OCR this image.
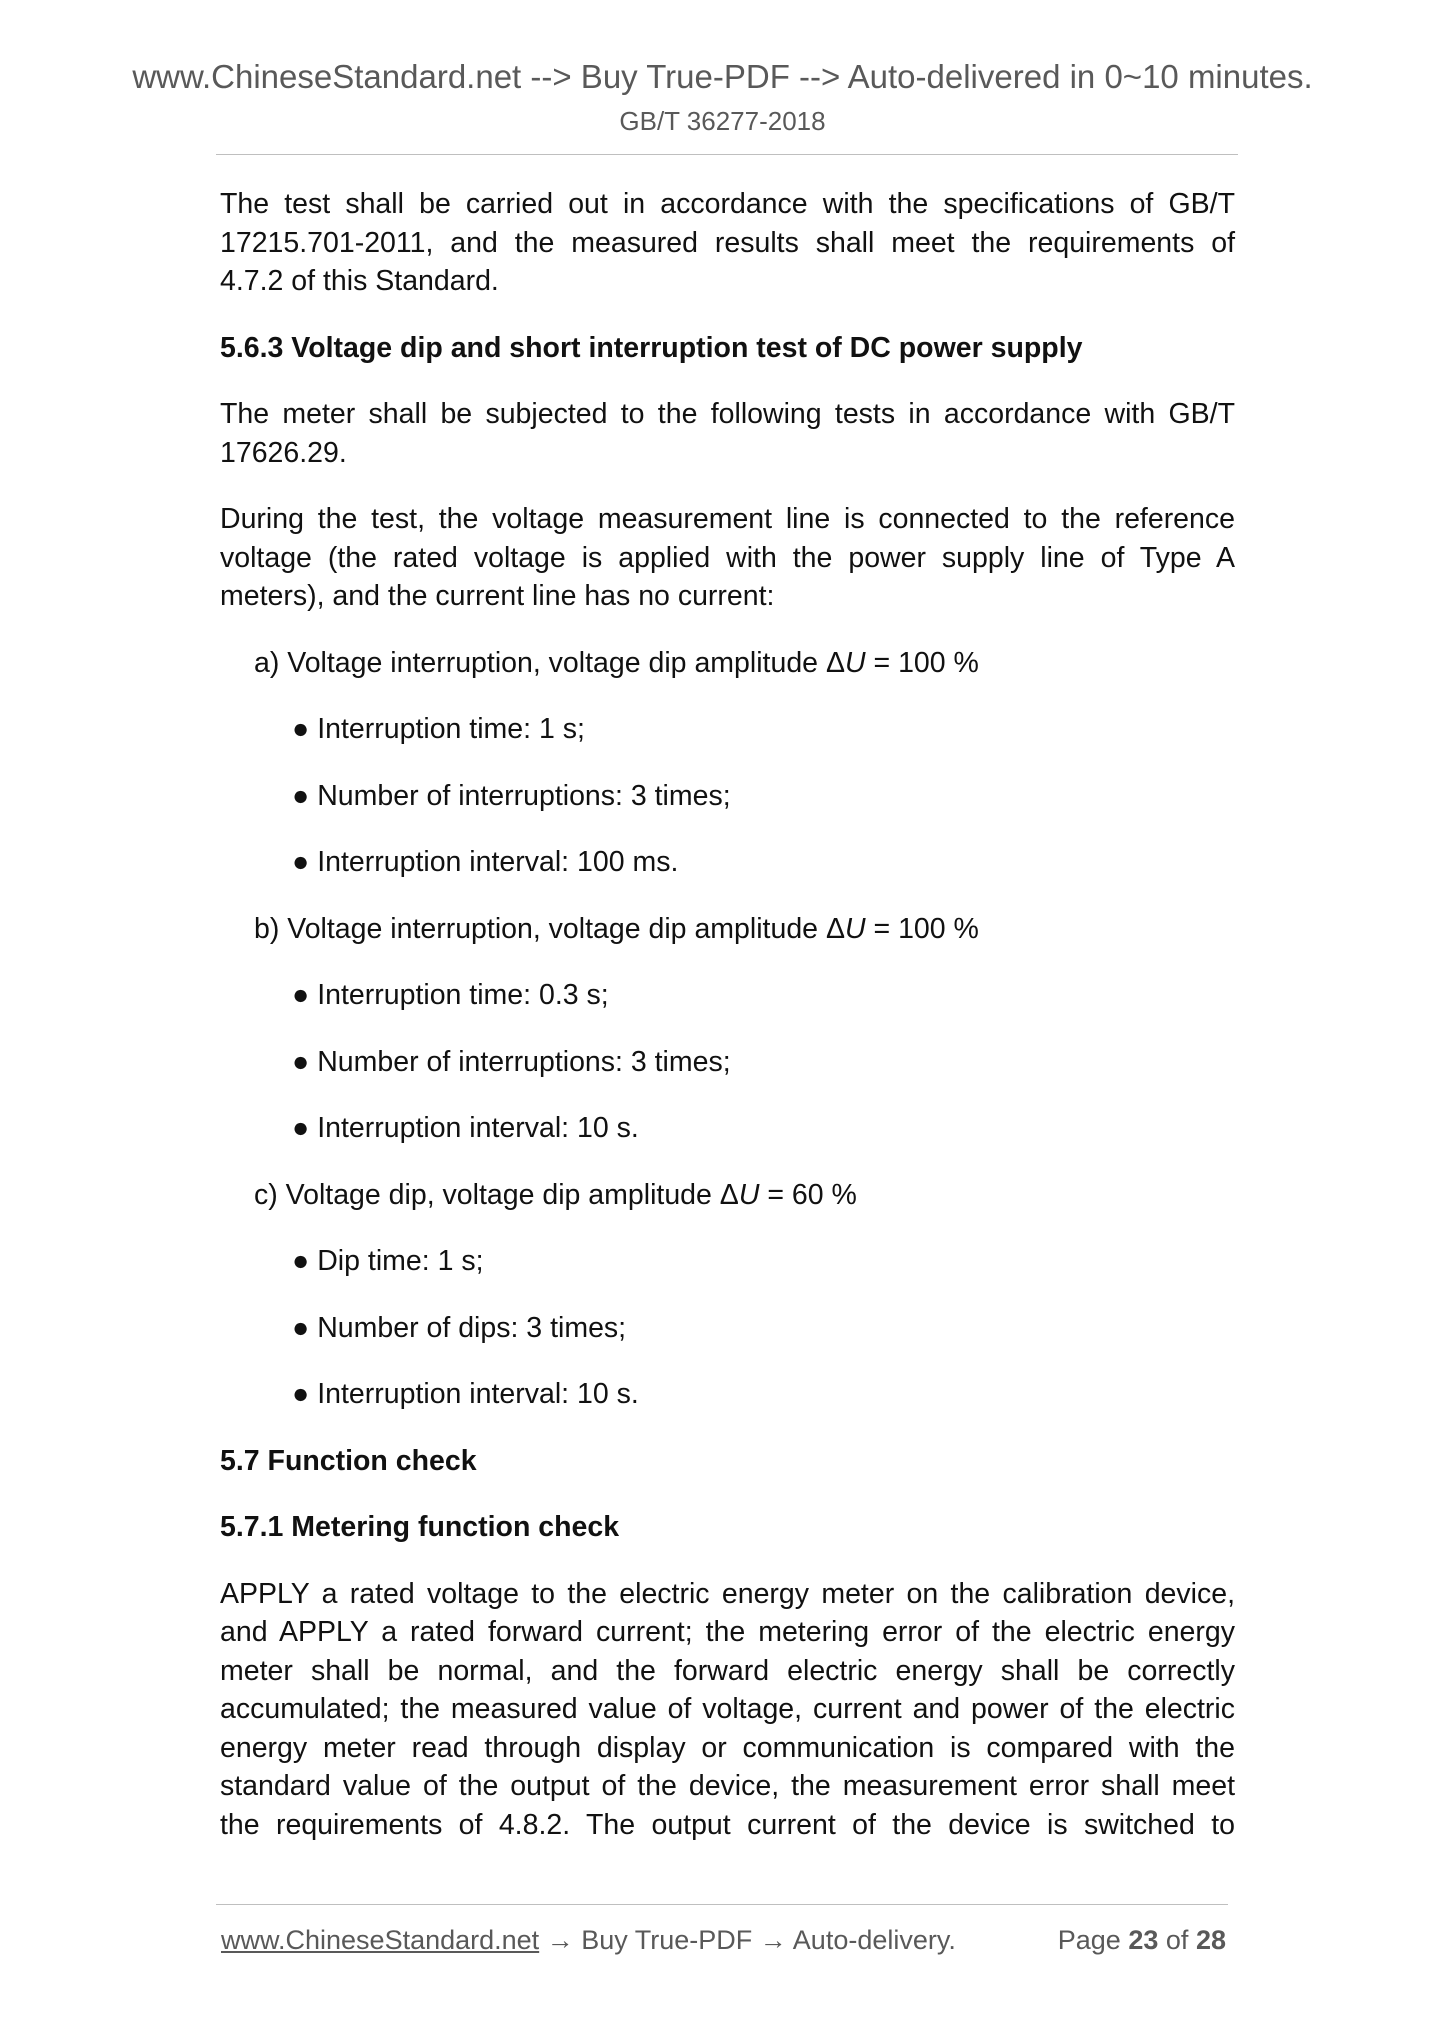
www.ChineseStandard.net --> Buy True-PDF --> Auto-delivered in 0~10 minutes.
GB/T 36277-2018

The test shall be carried out in accordance with the specifications of GB/T
17215.701-2011, and the measured results shall meet the requirements of
4.7.2 of this Standard.

5.6.3 Voltage dip and short interruption test of DC power supply

The meter shall be subjected to the following tests in accordance with GB/T
17626.29.

During the test, the voltage measurement line is connected to the reference
voltage (the rated voltage is applied with the power supply line of Type A
meters), and the current line has no current:

a) Voltage interruption, voltage dip amplitude ΔU = 100 %

● Interruption time: 1 s;

● Number of interruptions: 3 times;

● Interruption interval: 100 ms.

b) Voltage interruption, voltage dip amplitude ΔU = 100 %

● Interruption time: 0.3 s;

● Number of interruptions: 3 times;

● Interruption interval: 10 s.

c) Voltage dip, voltage dip amplitude ΔU = 60 %

● Dip time: 1 s;

● Number of dips: 3 times;

● Interruption interval: 10 s.

5.7 Function check

5.7.1 Metering function check

APPLY a rated voltage to the electric energy meter on the calibration device,
and APPLY a rated forward current; the metering error of the electric energy
meter shall be normal, and the forward electric energy shall be correctly
accumulated; the measured value of voltage, current and power of the electric
energy meter read through display or communication is compared with the
standard value of the output of the device, the measurement error shall meet
the requirements of 4.8.2. The output current of the device is switched to

www.ChineseStandard.net → Buy True-PDF → Auto-delivery.	Page 23 of 28
